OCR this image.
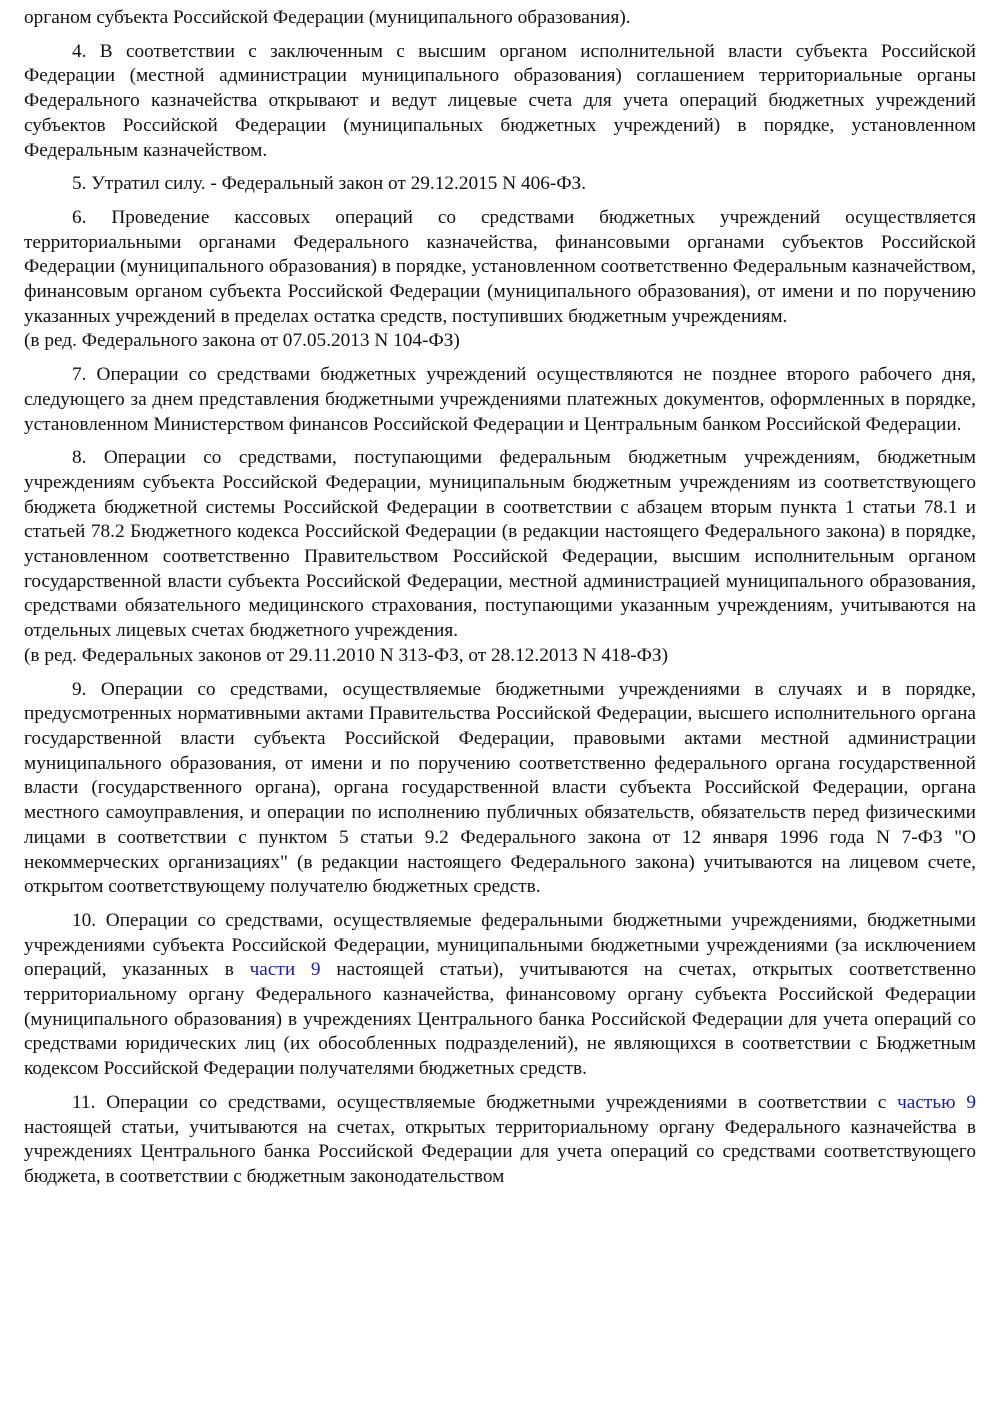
органом субъекта Российской Федерации (муниципального образования).

4. В соответствии с заключенным с высшим органом исполнительной власти субъекта Российской Федерации (местной администрации муниципального образования) соглашением территориальные органы Федерального казначейства открывают и ведут лицевые счета для учета операций бюджетных учреждений субъектов Российской Федерации (муниципальных бюджетных учреждений) в порядке, установленном Федеральным казначейством.

5. Утратил силу. - Федеральный закон от 29.12.2015 N 406-ФЗ.

6. Проведение кассовых операций со средствами бюджетных учреждений осуществляется территориальными органами Федерального казначейства, финансовыми органами субъектов Российской Федерации (муниципального образования) в порядке, установленном соответственно Федеральным казначейством, финансовым органом субъекта Российской Федерации (муниципального образования), от имени и по поручению указанных учреждений в пределах остатка средств, поступивших бюджетным учреждениям.

(в ред. Федерального закона от 07.05.2013 N 104-ФЗ)

7. Операции со средствами бюджетных учреждений осуществляются не позднее второго рабочего дня, следующего за днем представления бюджетными учреждениями платежных документов, оформленных в порядке, установленном Министерством финансов Российской Федерации и Центральным банком Российской Федерации.

8. Операции со средствами, поступающими федеральным бюджетным учреждениям, бюджетным учреждениям субъекта Российской Федерации, муниципальным бюджетным учреждениям из соответствующего бюджета бюджетной системы Российской Федерации в соответствии с абзацем вторым пункта 1 статьи 78.1 и статьей 78.2 Бюджетного кодекса Российской Федерации (в редакции настоящего Федерального закона) в порядке, установленном соответственно Правительством Российской Федерации, высшим исполнительным органом государственной власти субъекта Российской Федерации, местной администрацией муниципального образования, средствами обязательного медицинского страхования, поступающими указанным учреждениям, учитываются на отдельных лицевых счетах бюджетного учреждения.

(в ред. Федеральных законов от 29.11.2010 N 313-ФЗ, от 28.12.2013 N 418-ФЗ)

9. Операции со средствами, осуществляемые бюджетными учреждениями в случаях и в порядке, предусмотренных нормативными актами Правительства Российской Федерации, высшего исполнительного органа государственной власти субъекта Российской Федерации, правовыми актами местной администрации муниципального образования, от имени и по поручению соответственно федерального органа государственной власти (государственного органа), органа государственной власти субъекта Российской Федерации, органа местного самоуправления, и операции по исполнению публичных обязательств, обязательств перед физическими лицами в соответствии с пунктом 5 статьи 9.2 Федерального закона от 12 января 1996 года N 7-ФЗ "О некоммерческих организациях" (в редакции настоящего Федерального закона) учитываются на лицевом счете, открытом соответствующему получателю бюджетных средств.

10. Операции со средствами, осуществляемые федеральными бюджетными учреждениями, бюджетными учреждениями субъекта Российской Федерации, муниципальными бюджетными учреждениями (за исключением операций, указанных в части 9 настоящей статьи), учитываются на счетах, открытых соответственно территориальному органу Федерального казначейства, финансовому органу субъекта Российской Федерации (муниципального образования) в учреждениях Центрального банка Российской Федерации для учета операций со средствами юридических лиц (их обособленных подразделений), не являющихся в соответствии с Бюджетным кодексом Российской Федерации получателями бюджетных средств.

11. Операции со средствами, осуществляемые бюджетными учреждениями в соответствии с частью 9 настоящей статьи, учитываются на счетах, открытых территориальному органу Федерального казначейства в учреждениях Центрального банка Российской Федерации для учета операций со средствами соответствующего бюджета, в соответствии с бюджетным законодательством
